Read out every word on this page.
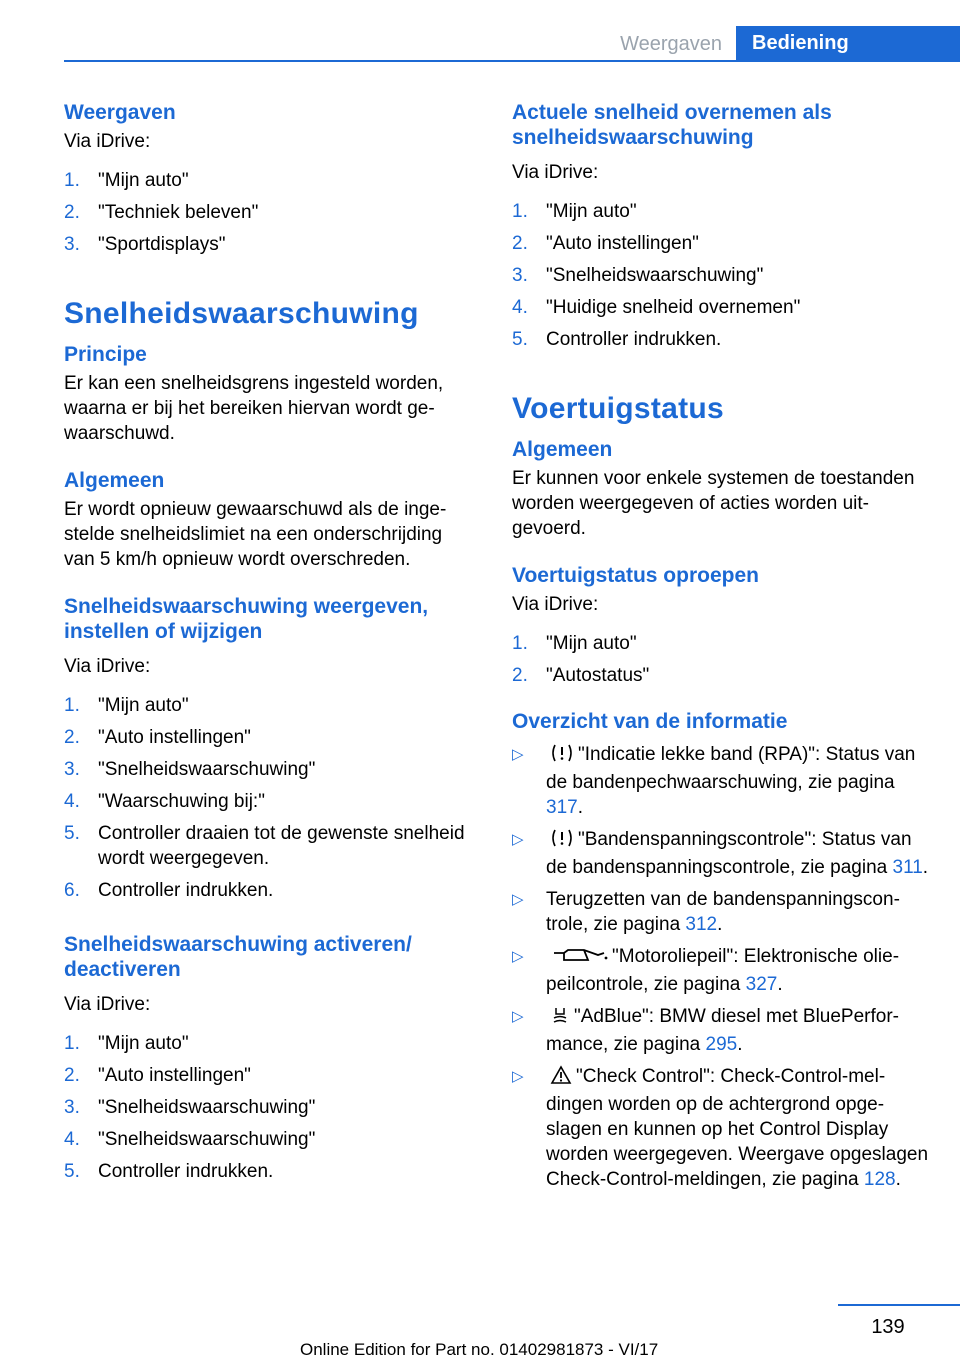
Weergaven	Bediening
Weergaven

Via iDrive:

1. "Mijn auto"
2. "Techniek beleven"
3. "Sportdisplays"
Snelheidswaarschuwing
Principe

Er kan een snelheidsgrens ingesteld worden, waarna er bij het bereiken hiervan wordt gewaarschuwd.

Algemeen

Er wordt opnieuw gewaarschuwd als de ingestelde snelheidslimiet na een onderschrijding van 5 km/h opnieuw wordt overschreden.

Snelheidswaarschuwing weergeven, instellen of wijzigen

Via iDrive:

1. "Mijn auto"
2. "Auto instellingen"
3. "Snelheidswaarschuwing"
4. "Waarschuwing bij:"
5. Controller draaien tot de gewenste snelheid wordt weergegeven.
6. Controller indrukken.
Snelheidswaarschuwing activeren/ deactiveren

Via iDrive:

1. "Mijn auto"
2. "Auto instellingen"
3. "Snelheidswaarschuwing"
4. "Snelheidswaarschuwing"
5. Controller indrukken.
Actuele snelheid overnemen als snelheidswaarschuwing

Via iDrive:

1. "Mijn auto"
2. "Auto instellingen"
3. "Snelheidswaarschuwing"
4. "Huidige snelheid overnemen"
5. Controller indrukken.
Voertuigstatus
Algemeen

Er kunnen voor enkele systemen de toestanden worden weergegeven of acties worden uitgevoerd.

Voertuigstatus oproepen

Via iDrive:

1. "Mijn auto"
2. "Autostatus"
Overzicht van de informatie
▷	"Indicatie lekke band (RPA)": Status van de bandenpechwaarschuwing, zie pagina 317.
▷	"Bandenspanningscontrole": Status van de bandenspanningscontrole, zie pagina 311.
▷ Terugzetten van de bandenspanningscontrole, zie pagina 312.
▷	"Motoroliepeil": Elektronische oliepeilcontrole, zie pagina 327.
▷	"AdBlue": BMW diesel met BluePerformance, zie pagina 295.
▷	"Check Control": Check-Control-meldingen worden op de achtergrond opgeslagen en kunnen op het Control Display worden weergegeven. Weergave opgeslagen Check-Control-meldingen, zie pagina 128.
139
Online Edition for Part no. 01402981873 - VI/17
